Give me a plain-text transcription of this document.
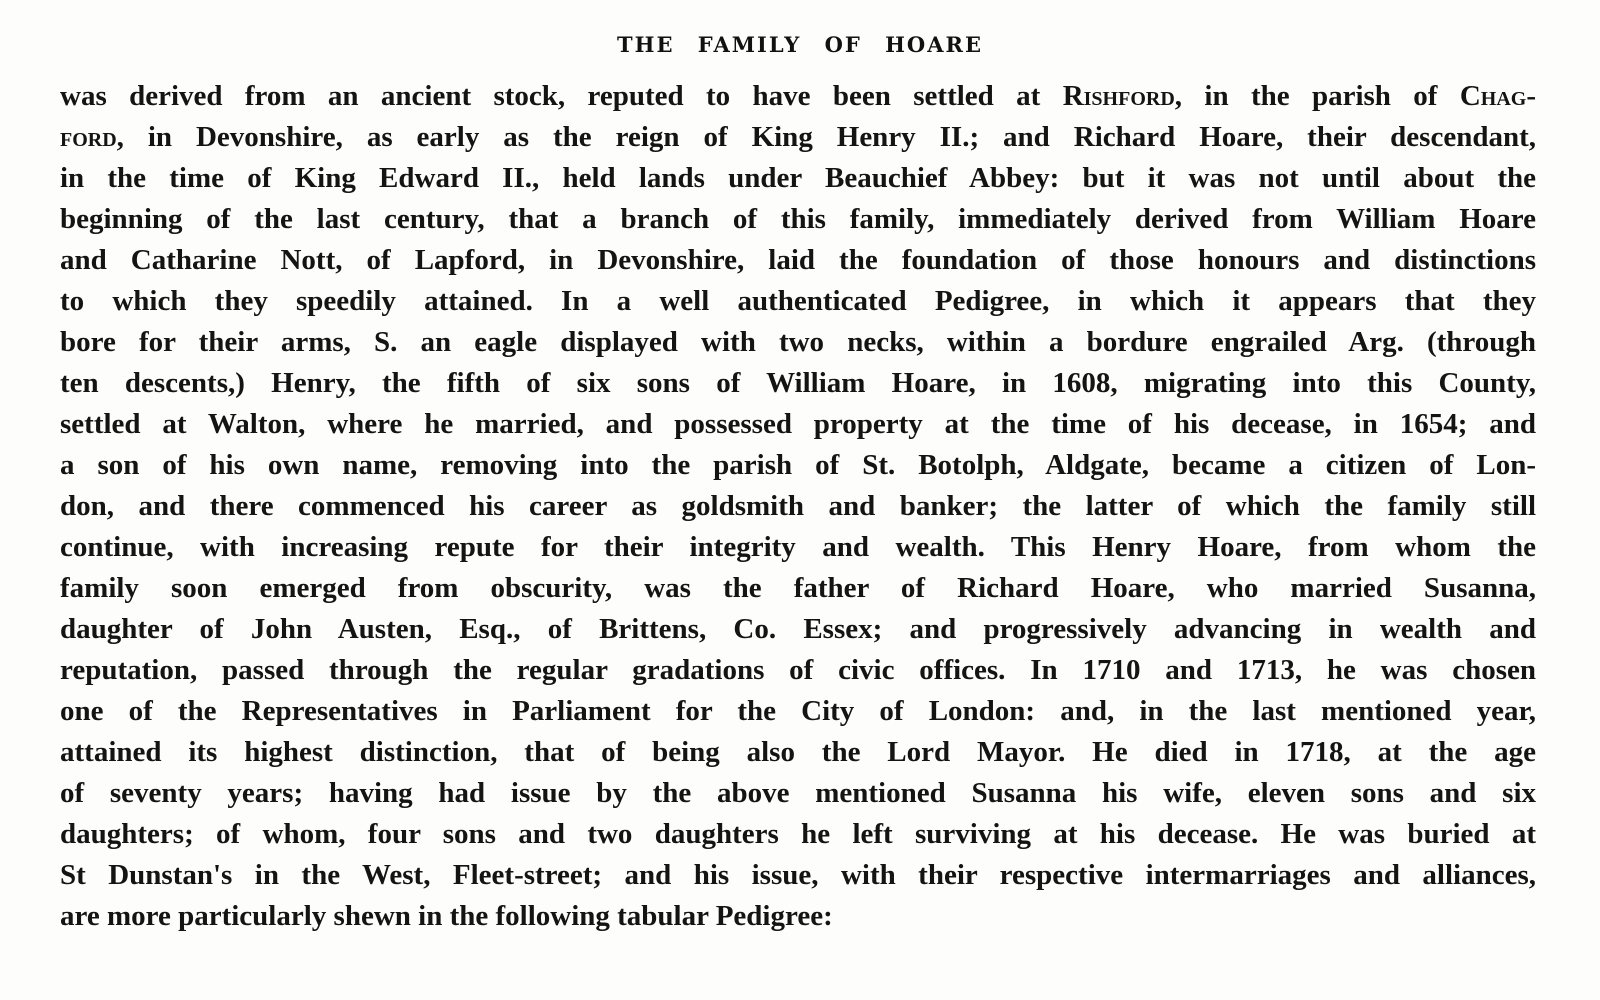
THE FAMILY OF HOARE
was derived from an ancient stock, reputed to have been settled at Rishford, in the parish of Chag-
ford, in Devonshire, as early as the reign of King Henry II.; and Richard Hoare, their descendant,
in the time of King Edward II., held lands under Beauchief Abbey: but it was not until about the
beginning of the last century, that a branch of this family, immediately derived from William Hoare
and Catharine Nott, of Lapford, in Devonshire, laid the foundation of those honours and distinctions
to which they speedily attained. In a well authenticated Pedigree, in which it appears that they
bore for their arms, S. an eagle displayed with two necks, within a bordure engrailed Arg. (through
ten descents,) Henry, the fifth of six sons of William Hoare, in 1608, migrating into this County,
settled at Walton, where he married, and possessed property at the time of his decease, in 1654; and
a son of his own name, removing into the parish of St. Botolph, Aldgate, became a citizen of Lon-
don, and there commenced his career as goldsmith and banker; the latter of which the family still
continue, with increasing repute for their integrity and wealth. This Henry Hoare, from whom the
family soon emerged from obscurity, was the father of Richard Hoare, who married Susanna,
daughter of John Austen, Esq., of Brittens, Co. Essex; and progressively advancing in wealth and
reputation, passed through the regular gradations of civic offices. In 1710 and 1713, he was chosen
one of the Representatives in Parliament for the City of London: and, in the last mentioned year,
attained its highest distinction, that of being also the Lord Mayor. He died in 1718, at the age
of seventy years; having had issue by the above mentioned Susanna his wife, eleven sons and six
daughters; of whom, four sons and two daughters he left surviving at his decease. He was buried at
St Dunstan's in the West, Fleet-street; and his issue, with their respective intermarriages and alliances,
are more particularly shewn in the following tabular Pedigree:
